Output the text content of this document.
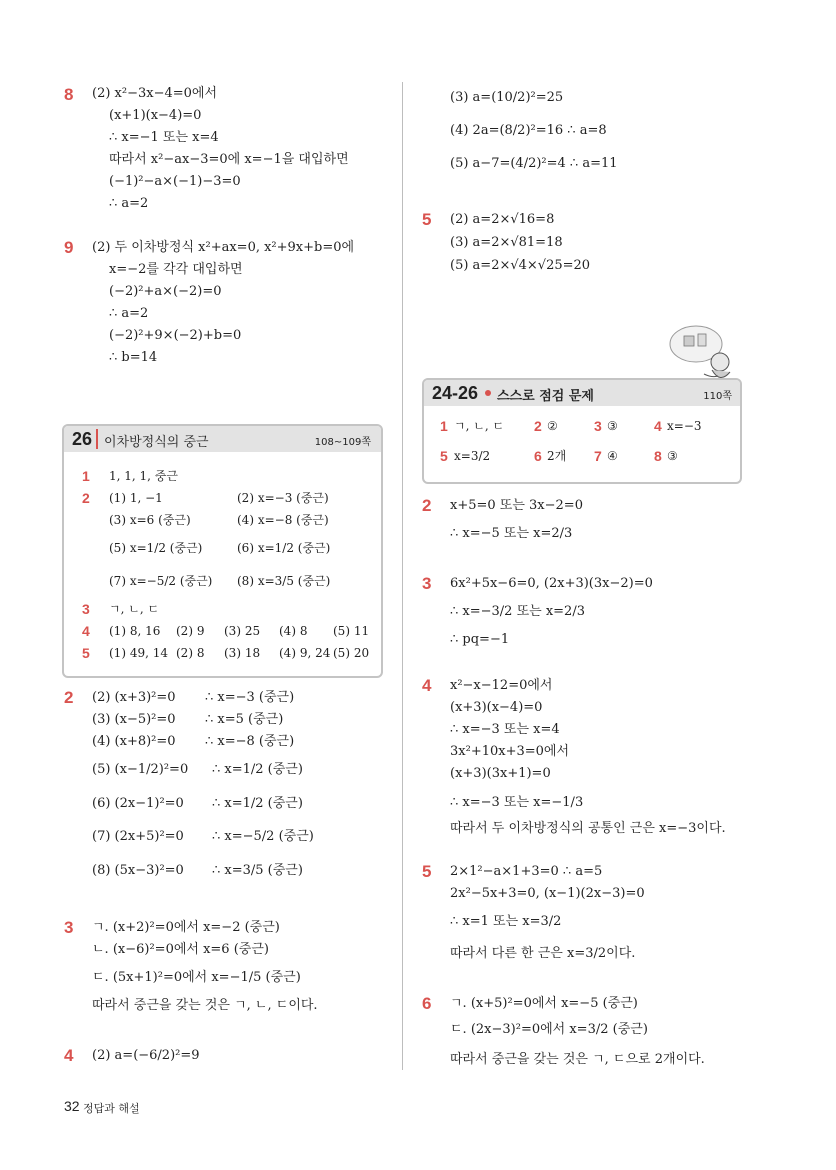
8 (2) x²−3x−4=0에서
(x+1)(x−4)=0
∴ x=−1 또는 x=4
따라서 x²−ax−3=0에 x=−1을 대입하면
(−1)²−a×(−1)−3=0
∴ a=2
9 (2) 두 이차방정식 x²+ax=0, x²+9x+b=0에
x=−2를 각각 대입하면
(−2)²+a×(−2)=0
∴ a=2
(−2)²+9×(−2)+b=0
∴ b=14
26 이차방정식의 중근	108~109쪽
1 1, 1, 1, 중근
2 (1) 1, −1	(2) x=−3 (중근)
(3) x=6 (중근)	(4) x=−8 (중근)
(5) x=1/2 (중근)	(6) x=1/2 (중근)
(7) x=−5/2 (중근) (8) x=3/5 (중근)
3 ㄱ, ㄴ, ㄷ
4 (1) 8, 16 (2) 9 (3) 25 (4) 8 (5) 11
5 (1) 49, 14 (2) 8 (3) 18 (4) 9, 24 (5) 20
2 (2) (x+3)²=0 ∴ x=−3 (중근)
(3) (x−5)²=0 ∴ x=5 (중근)
(4) (x+8)²=0 ∴ x=−8 (중근)
(5) (x−1/2)²=0 ∴ x=1/2 (중근)
(6) (2x−1)²=0 ∴ x=1/2 (중근)
(7) (2x+5)²=0 ∴ x=−5/2 (중근)
(8) (5x−3)²=0 ∴ x=3/5 (중근)
3 ㄱ. (x+2)²=0에서 x=−2 (중근)
ㄴ. (x−6)²=0에서 x=6 (중근)
ㄷ. (5x+1)²=0에서 x=−1/5 (중근)
따라서 중근을 갖는 것은 ㄱ, ㄴ, ㄷ이다.
4 (2) a=(−6/2)²=9
(3) a=(10/2)²=25
(4) 2a=(8/2)²=16 ∴ a=8
(5) a−7=(4/2)²=4 ∴ a=11
5 (2) a=2×√16=8
(3) a=2×√81=18
(5) a=2×√4×√25=20
24-26 스스로 점검 문제	110쪽
1 ㄱ, ㄴ, ㄷ 2 ②	3 ③	4 x=−3
5 x=3/2	6 2개 7 ④	8 ③
2 x+5=0 또는 3x−2=0
∴ x=−5 또는 x=2/3
3 6x²+5x−6=0, (2x+3)(3x−2)=0
∴ x=−3/2 또는 x=2/3
∴ pq=−1
4 x²−x−12=0에서
(x+3)(x−4)=0
∴ x=−3 또는 x=4
3x²+10x+3=0에서
(x+3)(3x+1)=0
∴ x=−3 또는 x=−1/3
따라서 두 이차방정식의 공통인 근은 x=−3이다.
5 2×1²−a×1+3=0 ∴ a=5
2x²−5x+3=0, (x−1)(2x−3)=0
∴ x=1 또는 x=3/2
따라서 다른 한 근은 x=3/2이다.
6 ㄱ. (x+5)²=0에서 x=−5 (중근)
ㄷ. (2x−3)²=0에서 x=3/2 (중근)
따라서 중근을 갖는 것은 ㄱ, ㄷ으로 2개이다.
32 정답과 해설
